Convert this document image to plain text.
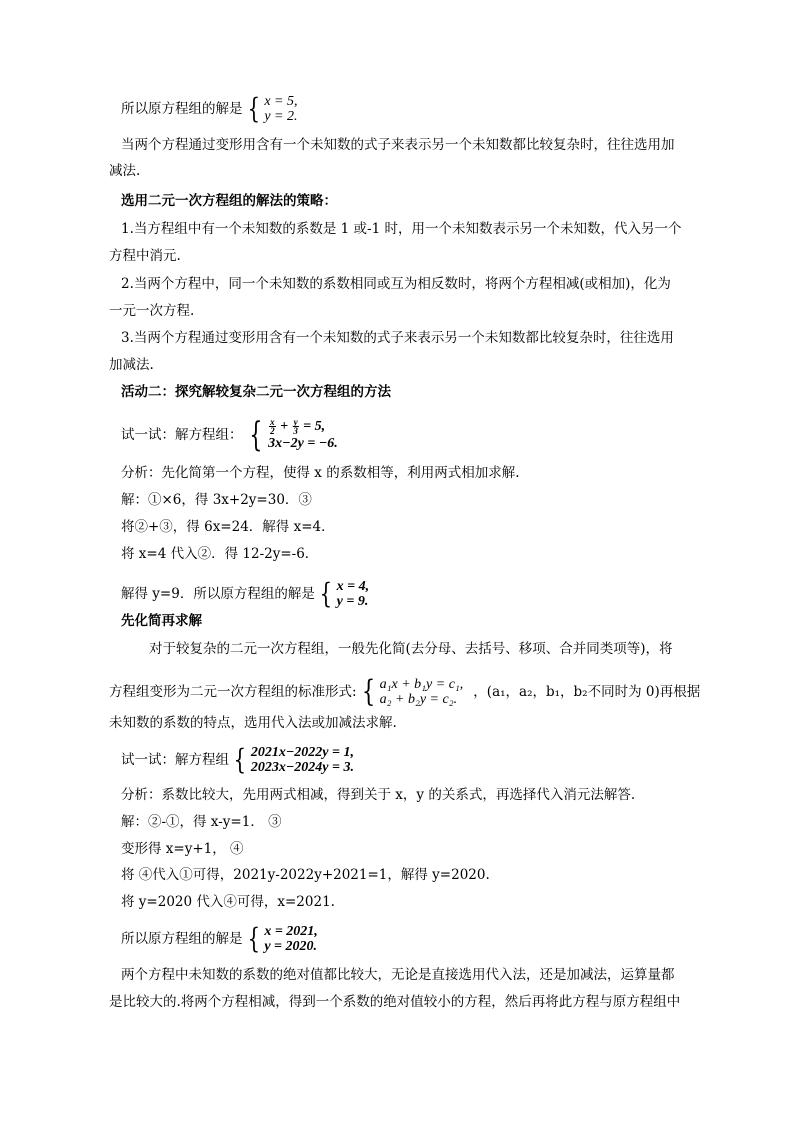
所以原方程组的解是 { x = 5,
y = 2.
当两个方程通过变形用含有一个未知数的式子来表示另一个未知数都比较复杂时，往往选用加
减法.
选用二元一次方程组的解法的策略：
1.当方程组中有一个未知数的系数是 1 或-1 时，用一个未知数表示另一个未知数，代入另一个
方程中消元.
2.当两个方程中，同一个未知数的系数相同或互为相反数时，将两个方程相减(或相加)，化为
一元一次方程.
3.当两个方程通过变形用含有一个未知数的式子来表示另一个未知数都比较复杂时，往往选用
加减法.
活动二：探究解较复杂二元一次方程组的方法
试一试：解方程组： { $\frac{x}{2} + \frac{y}{3} = 5$,
3x−2y = −6.
分析：先化简第一个方程，使得 x 的系数相等，利用两式相加求解.
解：①×6，得 3x+2y=30．③
将②+③，得 6x=24．解得 x=4．
将 x=4 代入②．得 12-2y=-6．
解得 y=9．所以原方程组的解是 { x = 4,
y = 9.
先化简再求解
对于较复杂的二元一次方程组，一般先化简(去分母、去括号、移项、合并同类项等)，将
方程组变形为二元一次方程组的标准形式: { a₁x + b₁y = c₁,
a₂ + b₂y = c₂.	，(a₁，a₂，b₁，b₂不同时为 0)再根据
未知数的系数的特点，选用代入法或加减法求解.
试一试：解方程组 { 2021x−2022y = 1,
2023x−2024y = 3.
分析：系数比较大，先用两式相减，得到关于 x，y 的关系式，再选择代入消元法解答.
解：②-①，得 x-y=1． ③
变形得 x=y+1， ④
将 ④代入①可得，2021y-2022y+2021=1，解得 y=2020.
将 y=2020 代入④可得，x=2021.
所以原方程组的解是 { x = 2021,
y = 2020.
两个方程中未知数的系数的绝对值都比较大，无论是直接选用代入法，还是加减法，运算量都
是比较大的.将两个方程相减，得到一个系数的绝对值较小的方程，然后再将此方程与原方程组中
